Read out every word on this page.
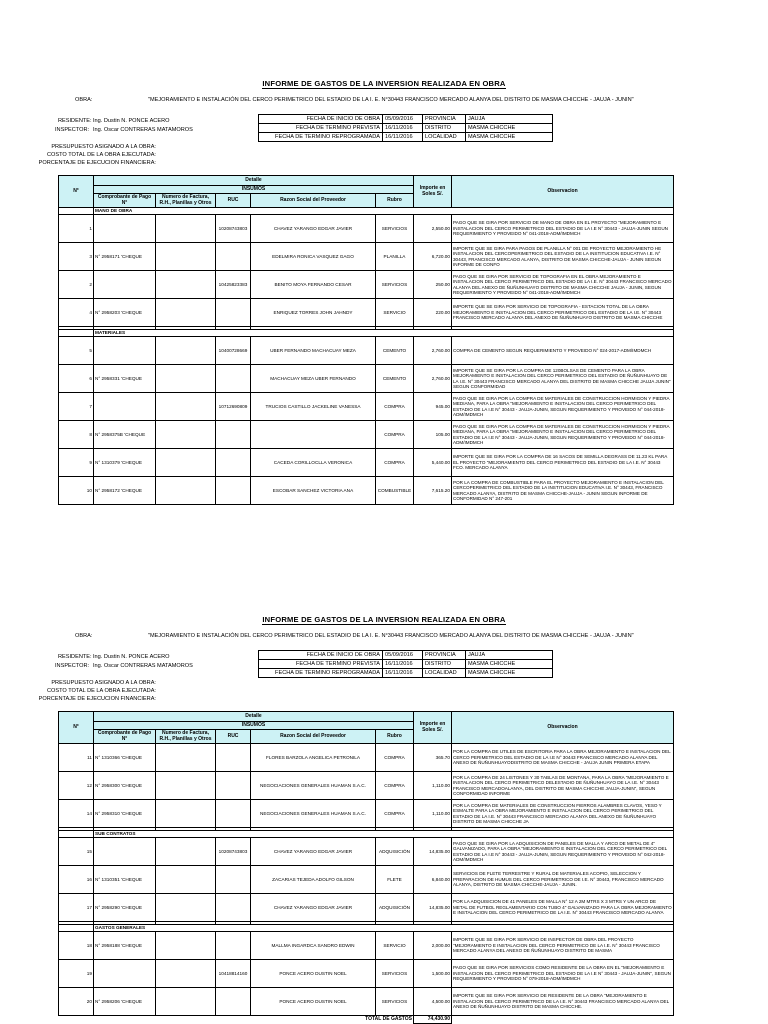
INFORME DE GASTOS DE LA INVERSION REALIZADA EN OBRA
OBRA:	"MEJORAMIENTO E INSTALACIÓN DEL CERCO PERIMETRICO DEL ESTADIO DE LA I. E. N°30443 FRANCISCO MERCADO ALANYA DEL DISTRITO DE MASMA CHICCHE - JAUJA - JUNIN"
RESIDENTE: Ing. Dustin N. PONCE ACERO
INSPECTOR: Ing. Oscar CONTRERAS MATAMOROS
PRESUPUESTO ASIGNADO A LA OBRA:
COSTO TOTAL DE LA OBRA EJECUTADA:
PORCENTAJE DE EJECUCION FINANCIERA:
FECHA DE INICIO DE OBRA	05/09/2016	PROVINCIA	JAUJA
FECHA DE TERMINO PREVISTA	16/11/2016	DISTRITO	MASMA CHICCHE
FECHA DE TERMINO REPROGRAMADA	16/11/2016	LOCALIDAD	MASMA CHICCHE
N°	Detalle					Importe en Soles S/.	Observacion
	INSUMOS						
	Comprobante de Pago N°	Numero de Factura, R.H., Planillas y Otros	RUC	Razon Social del Proveedor	Rubro		
	MANO DE OBRA						
1			10208743803	CHAVEZ YARANGO EDGAR JAVIER	SERVICIOS	2,550.00	PAGO QUE SE GIRA POR SERVICIO DE MANO DE OBRA EN EL PROYECTO "MEJORAMIENTO E INSTALACION DEL CERCO PERIMETRICO DEL ESTADIO DE LA I.E N° 30443 - JAUJA-JUNIN SEGUN REQUERIMIENTO Y PROVEIDO N° 041-2018-ADM/IMDMCH
3	N° 2958171 'CHEQUE			EDELMIRA RONICA VASQUEZ GAGO	PLANILLA	6,720.00	IMPORTE QUE SE GIRA PARA PAGOS DE PLANILLA N° 001 DE PROYECTO MEJORAMIENTO HE INSTALACION DEL CERCOPERIMETRICO DEL ESTADIO DE LA INSTITUCION EDUCATIVA I.E. N° 30443, FRANCISCO MERCADO ALANYA, DISTRITO DE MASMA CHICCHE-JAUJA - JUNIN SEGUN INFORME DE CONFO
2			10425823383	BENITO MOYA FERNANDO CESAR	SERVICIOS	250.00	PAGO QUE SE GIRA POR SERVICIO DE TOPOGRAFIA EN EL OBRA MEJORAMIENTO E INSTALACION DEL CERCO PERIMETRICO DEL ESTADIO DE LA I.E. N° 30443 FRANCISCO MERCADO ALANYA DEL ANEXO DE ÑUÑUNHUAYO DISTRITO DE MASMA CHICCHE JAUJA - JUNIN, SEGUN REQUERIMIENTO Y PROVEIDO N° 041-2018-ADM/IMDMCH
4	N° 2958203 'CHEQUE			ENRIQUEZ TORRES JOHN JAHNDY	SERVICIO	220.00	IMPORTE QUE SE GIRA POR SERVICIO DE TOPOGRAFIA - ESTACION TOTAL DE LA OBRA MEJORAMIENTO E INSTALACION DEL CERCO PERIMETRICO DEL ESTADIO DE LA I.E. N° 30443 FRANCISCO MERCADO ALANYA DEL ANEXO DE ÑUÑUNHUAYO DISTRITO DE MASMA CHICCHE

	MATERIALES						
5			10400728669	UBER FERNANDO MACHACUAY MEZA	CEMENTO	2,760.00	COMPRA DE CEMENTO SEGUN REQUERIMIENTO Y PROVEIDO N° 024-2017-ADM/IMDMCH
6	N° 2958331 'CHEQUE			MACHACUAY MEZA UBER FERNANDO	CEMENTO	2,760.00	IMPORTE QUE SE GIRA POR LA COMPRA DE 120BOLSAS DE CEMENTO PARA LA OBRA MEJORAMIENTO E INSTALACION DEL CERCO PERIMETRICO DEL ESTADIO DE ÑUÑUNHUAYO DE LA I.E. N° 30443 FRANCISCO MERCADO ALANYA DEL DISTRITO DE MASMA CHICCHE JAUJA JUNIN" SEGUN CONFORMIDAD
7			10712690809	TRUCIOS CASTILLO JACKELINE VANESSA	COMPRA	945.00	PAGO QUE SE GIRA POR LA COMPRA DE MATERIALES DE CONSTRUCCION HORMIGON Y PIEDRA MEDIANA, PARA LA OBRA "MEJORAMIENTO E INSTALACION DEL CERCO PERIMETRICO DEL ESTADIO DE LA I.E N° 30443 - JAUJA-JUNIN, SEGUN REQUERIMIENTO Y PROVEIDO N° 044-2018-ADM/IMDMCH
8	N° 2958375B 'CHEQUE				COMPRA	105.00	PAGO QUE SE GIRA POR LA COMPRA DE MATERIALES DE CONSTRUCCION HORMIGON Y PIEDRA MEDIANA, PARA LA OBRA "MEJORAMIENTO E INSTALACION DEL CERCO PERIMETRICO DEL ESTADIO DE LA I.E N° 30443 - JAUJA-JUNIN, SEGUN REQUERIMIENTO Y PROVEIDO N° 044-2018-ADM/IMDMCH
9	N° 1310379 'CHEQUE			CACEDA CORILLOCLLA VERONICA	COMPRA	5,440.00	IMPORTE QUE SE GIRA POR LA COMPRA DE 16 SACOS DE SEMILLA DEGRASS DE 11.23 KL PARA EL PROYECTO "MEJORAMIENTO DEL CERCO PERIMETRICO DEL ESTADIO DE LA I.E. N° 30443 FCO. MERCADO ALANYA
10	N° 2958172 'CHEQUE			ESCOBAR SANCHEZ VICTORIA ANA	COMBUSTIBLE	7,615.20	POR LA COMPRA DE COMBUSTIBLE PARA EL PROYECTO MEJORAMIENTO E INSTALACION DEL CERCOPERIMETRICO DEL ESTADIO DE LA INSTITUCION EDUCATIVA I.E. N° 30443, FRANCISCO MERCADO ALANYA, DISTRITO DE MASMA CHICCHE-JAUJA - JUNIN SEGUN INFORME DE CONFORMIDAD N° 247-201
INFORME DE GASTOS DE LA INVERSION REALIZADA EN OBRA
OBRA:	"MEJORAMIENTO E INSTALACIÓN DEL CERCO PERIMETRICO DEL ESTADIO DE LA I. E. N°30443 FRANCISCO MERCADO ALANYA DEL DISTRITO DE MASMA CHICCHE - JAUJA - JUNIN"
RESIDENTE: Ing. Dustin N. PONCE ACERO
INSPECTOR: Ing. Oscar CONTRERAS MATAMOROS
PRESUPUESTO ASIGNADO A LA OBRA:
COSTO TOTAL DE LA OBRA EJECUTADA:
PORCENTAJE DE EJECUCION FINANCIERA:
FECHA DE INICIO DE OBRA	05/09/2016	PROVINCIA	JAUJA
FECHA DE TERMINO PREVISTA	16/11/2016	DISTRITO	MASMA CHICCHE
FECHA DE TERMINO REPROGRAMADA	16/11/2016	LOCALIDAD	MASMA CHICCHE
N°	Detalle					Importe en Soles S/.	Observacion
	INSUMOS						
	Comprobante de Pago N°	Numero de Factura, R.H., Planillas y Otros	RUC	Razon Social del Proveedor	Rubro		
11	N° 1310366 'CHEQUE			FLORES BARZOLA ANGELICA PETRONILA	COMPRA	365.70	POR LA COMPRA DE UTILES DE ESCRITORIA PARA LA OBRA MEJORAMIENTO E INSTALACION DEL CERCO PERIMETRICO DEL ESTADIO DE LA I.E N° 30443 FRANCISCO MERCADO ALANYA DEL ANEXO DE ÑUÑUNHUAYODISTRITO DE MASMA CHICCHE - JAUJA JUNIN PRIMERA ETAPA
12	N° 2958300 'CHEQUE			NEGOCIACIONES GENERALES HUAMAN S.A.C.	COMPRA	1,110.00	POR LA COMPRA DE 24 LISTONES Y 30 TABLAS DE MONTANA, PARA LA OBRA "MEJORAMIENTO E INSTALACION DEL CERCO PERIMETRICO DELESTADIO DE ÑUÑUNHUAYO DE LA I.E. N° 30443 FRANCISCO MERCADOALANYA, DEL DISTRITO DE MASMA CHICCHE JAUJA-JUNIN", SEGUN CONFORMIDAD INFORME
14	N° 2958310 'CHEQUE			NEGOCIACIONES GENERALES HUAMAN S.A.C.	COMPRA	1,110.00	POR LA COMPRA DE MATERIALES DE CONSTRUCCION FIERROS ALAMBRES CLAVOS, YESO Y ESMALTE PARA LA OBRA MEJORAMIENTO E INSTALACION DEL CERCO PERIMETRICO DEL ESTADIO DE LA I.E. N° 30443 FRANCISCO MERCADO ALANYA DEL ANEXO DE ÑUÑUNHUAYO DISTRITO DE MASMA CHICCHE JA

	SUB CONTRATOS						
15			10208743803	CHAVEZ YARANGO EDGAR JAVIER	ADQUISICIÓN	14,835.00	PAGO QUE SE GIRA POR LA ADQUISICION DE PANELES DE MALLA Y ARCO DE METAL DE 4" GALVANIZADO, PARA LA OBRA "MEJORAMIENTO E INSTALACION DEL CERCO PERIMETRICO DEL ESTADIO DE LA I.E N° 30443 - JAUJA-JUNIN, SEGUN REQUERIMIENTO Y PROVEIDO N° 042-2018-ADM/IMDMCH
16	N° 1310351 'CHEQUE			ZACARIAS TEJEDA ADOLFO GILSON	FLETE	6,840.00	SERVICIOS DE FLETE TERRESTRE Y RURAL DE MATERIALES ACOPIO, SELECCION Y PREPARACION DE HUMUS DEL CERCO PERIMETRICO DE I.E. N° 30443, FRANCISCO MERCADO ALANYA, DISTRITO DE MASMA CHICCHE-JAUJA - JUNIN.
17	N° 2958290 'CHEQUE			CHAVEZ YARANGO EDGAR JAVIER	ADQUISICIÓN	14,835.00	POR LA ADQUISICION DE 41 PANELES DE MALLA N° 12 A 2M MTRS X 3 MTRS Y UN ARCO DE METAL DE FUTBOL REGLAMENTARIO CON TUBO 4" GALVANIZADO PARA LA OBRA MEJORAMIENTO E INSTALACION DEL CERCO PERIMETRICO DE LA I.E. N° 30443 FRANCISCO MERCADO ALANYA

	GASTOS GENERALES						
18	N° 2958188 'CHEQUE			MALLMA INGARDCA SANDRO EDWIN	SERVICIO	2,000.00	IMPORTE QUE SE GIRA POR SERVICIO DE INSPECTOR DE OBRA DEL PROYECTO "MEJORAMIENTO E INSTALACION DEL CERCO PERIMETRICO DE LA I.E. N° 30443 FRANCISCO MERCADO ALANYA DEL ANEXO DE ÑUÑUNHUAYO DISTRITO DE MASMA
19			10418814160	PONCE ACERO DUSTIN NOEL	SERVICIOS	1,500.00	PAGO QUE SE GIRA POR SERVICIOS COMO RESIDENTE DE LA OBRA EN EL "MEJORAMIENTO E INSTALACION DEL CERCO PERIMETRICO DEL ESTADIO DE LA I.E N° 30443 - JAUJA-JUNIN", SEGUN REQUERIMIENTO Y PROVEIDO N° 079-2018-ADM/IMDMCH
20	N° 2958206 'CHEQUE			PONCE ACERO DUSTIN NOEL	SERVICIOS	4,500.00	IMPORTE QUE SE GIRA POR SERVICIO DE RESIDENTE DE LA OBRA "MEJORAMIENTO E INSTALACION DEL CERCO PERIMETRICO DE LA I.E. N° 30443 FRANCISCO MERCADO ALANYA DEL ANEXO DE ÑUÑUNHUAYO DISTRITO DE MASMA CHICCHE.
TOTAL DE GASTOS						74,430.90	
